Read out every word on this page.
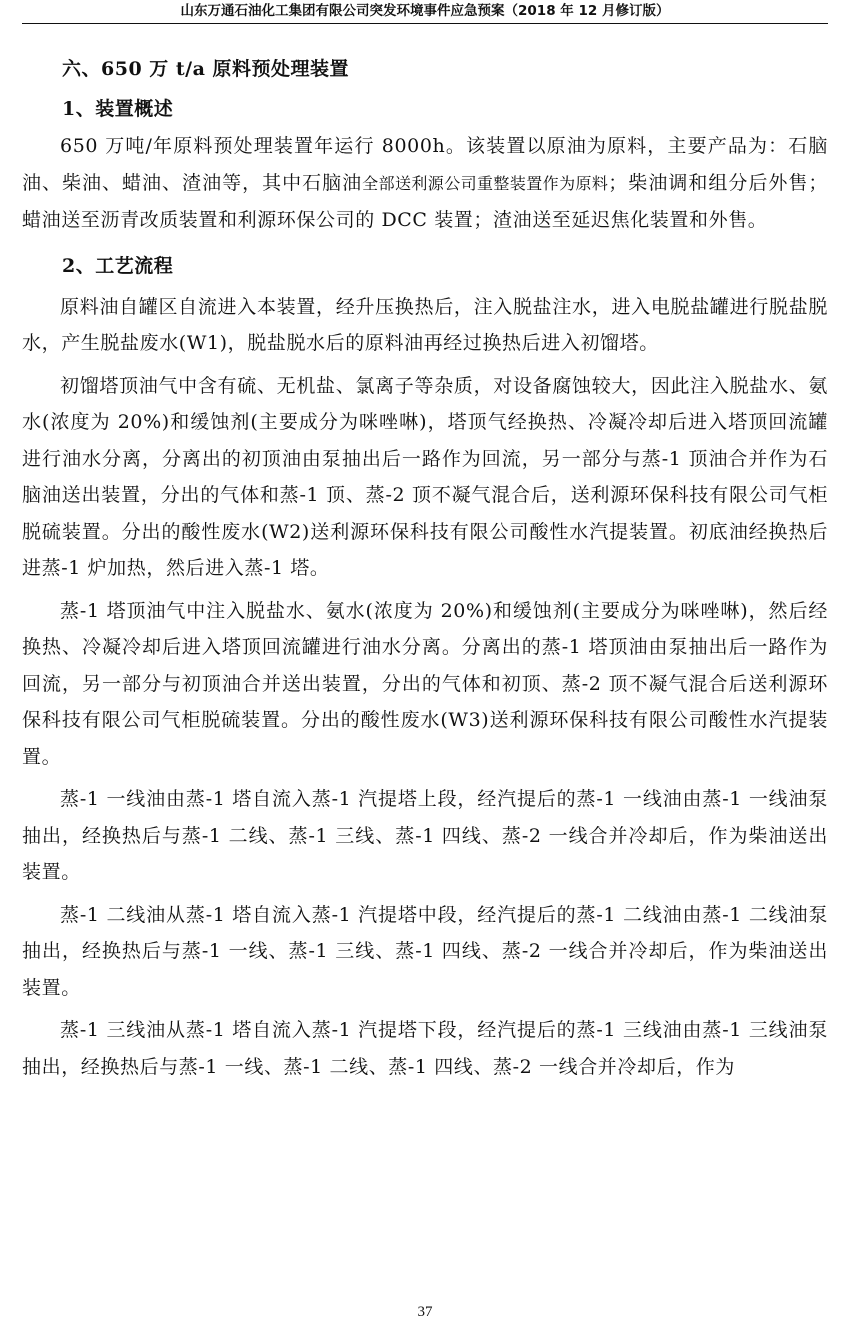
山东万通石油化工集团有限公司突发环境事件应急预案（2018 年 12 月修订版）

六、650 万 t/a 原料预处理装置

1、装置概述

650 万吨/年原料预处理装置年运行 8000h。该装置以原油为原料，主要产品为：石脑油、柴油、蜡油、渣油等，其中石脑油全部送利源公司重整装置作为原料；柴油调和组分后外售；蜡油送至沥青改质装置和利源环保公司的 DCC 装置；渣油送至延迟焦化装置和外售。

2、工艺流程

原料油自罐区自流进入本装置，经升压换热后，注入脱盐注水，进入电脱盐罐进行脱盐脱水，产生脱盐废水(W1)，脱盐脱水后的原料油再经过换热后进入初馏塔。

初馏塔顶油气中含有硫、无机盐、氯离子等杂质，对设备腐蚀较大，因此注入脱盐水、氨水(浓度为 20%)和缓蚀剂(主要成分为咪唑啉)，塔顶气经换热、冷凝冷却后进入塔顶回流罐进行油水分离，分离出的初顶油由泵抽出后一路作为回流，另一部分与蒸-1 顶油合并作为石脑油送出装置，分出的气体和蒸-1 顶、蒸-2 顶不凝气混合后，送利源环保科技有限公司气柜脱硫装置。分出的酸性废水(W2)送利源环保科技有限公司酸性水汽提装置。初底油经换热后进蒸-1 炉加热，然后进入蒸-1 塔。

蒸-1 塔顶油气中注入脱盐水、氨水(浓度为 20%)和缓蚀剂(主要成分为咪唑啉)，然后经换热、冷凝冷却后进入塔顶回流罐进行油水分离。分离出的蒸-1 塔顶油由泵抽出后一路作为回流，另一部分与初顶油合并送出装置，分出的气体和初顶、蒸-2 顶不凝气混合后送利源环保科技有限公司气柜脱硫装置。分出的酸性废水(W3)送利源环保科技有限公司酸性水汽提装置。

蒸-1 一线油由蒸-1 塔自流入蒸-1 汽提塔上段，经汽提后的蒸-1 一线油由蒸-1 一线油泵抽出，经换热后与蒸-1 二线、蒸-1 三线、蒸-1 四线、蒸-2 一线合并冷却后，作为柴油送出装置。

蒸-1 二线油从蒸-1 塔自流入蒸-1 汽提塔中段，经汽提后的蒸-1 二线油由蒸-1 二线油泵抽出，经换热后与蒸-1 一线、蒸-1 三线、蒸-1 四线、蒸-2 一线合并冷却后，作为柴油送出装置。

蒸-1 三线油从蒸-1 塔自流入蒸-1 汽提塔下段，经汽提后的蒸-1 三线油由蒸-1 三线油泵抽出，经换热后与蒸-1 一线、蒸-1 二线、蒸-1 四线、蒸-2 一线合并冷却后，作为

37
